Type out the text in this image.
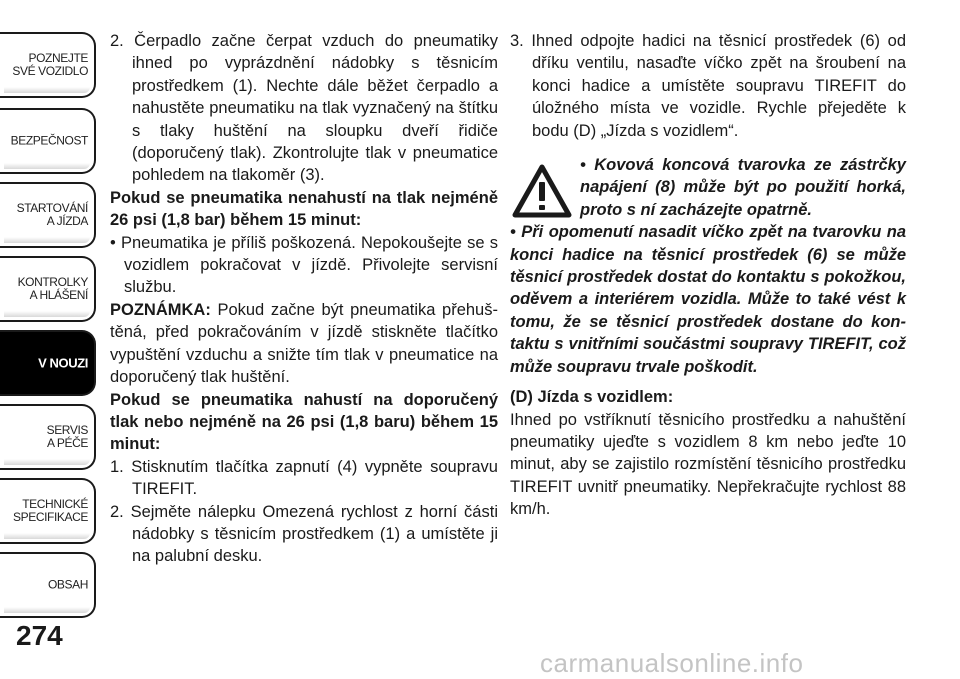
POZNEJTE
SVÉ VOZIDLO
BEZPEČNOST
STARTOVÁNÍ
A JÍZDA
KONTROLKY
A HLÁŠENÍ
V NOUZI
SERVIS
A PÉČE
TECHNICKÉ
SPECIFIKACE
OBSAH
274

2. Čerpadlo začne čerpat vzduch do pneumatiky ihned po vyprázdnění nádobky s těsnicím prostředkem (1). Nechte dále běžet čerpadlo a nahustěte pneumatiku na tlak vyznačený na štítku s tlaky huštění na sloupku dveří řidiče (doporučený tlak). Zkontrolujte tlak v pneumatice pohledem na tlakoměr (3).

Pokud se pneumatika nenahustí na tlak nejméně 26 psi (1,8 bar) během 15 minut:

• Pneumatika je příliš poškozená. Nepokoušejte se s vozidlem pokračovat v jízdě. Přivolejte servisní službu.

POZNÁMKA: Pokud začne být pneumatika přehuštěná, před pokračováním v jízdě stiskněte tlačítko vypuštění vzduchu a snižte tím tlak v pneumatice na doporučený tlak huštění.

Pokud se pneumatika nahustí na doporučený tlak nebo nejméně na 26 psi (1,8 baru) během 15 minut:

1. Stisknutím tlačítka zapnutí (4) vypněte soupravu TIREFIT.

2. Sejměte nálepku Omezená rychlost z horní části nádobky s těsnicím prostředkem (1) a umístěte ji na palubní desku.

3. Ihned odpojte hadici na těsnicí prostředek (6) od dříku ventilu, nasaďte víčko zpět na šroubení na konci hadice a umístěte soupravu TIREFIT do úložného místa ve vozidle. Rychle přejeděte k bodu (D) „Jízda s vozidlem“.

• Kovová koncová tvarovka ze zástrčky napájení (8) může být po použití horká, proto s ní zacházejte opatrně.

• Při opomenutí nasadit víčko zpět na tvarovku na konci hadice na těsnicí prostředek (6) se může těsnicí prostředek dostat do kontaktu s pokožkou, oděvem a interiérem vozidla. Může to také vést k tomu, že se těsnicí prostředek dostane do kontaktu s vnitřními součástmi soupravy TIREFIT, což může soupravu trvale poškodit.

(D) Jízda s vozidlem:

Ihned po vstříknutí těsnicího prostředku a nahuštění pneumatiky ujeďte s vozidlem 8 km nebo jeďte 10 minut, aby se zajistilo rozmístění těsnicího prostředku TIREFIT uvnitř pneumatiky. Nepřekračujte rychlost 88 km/h.

carmanualsonline.info
